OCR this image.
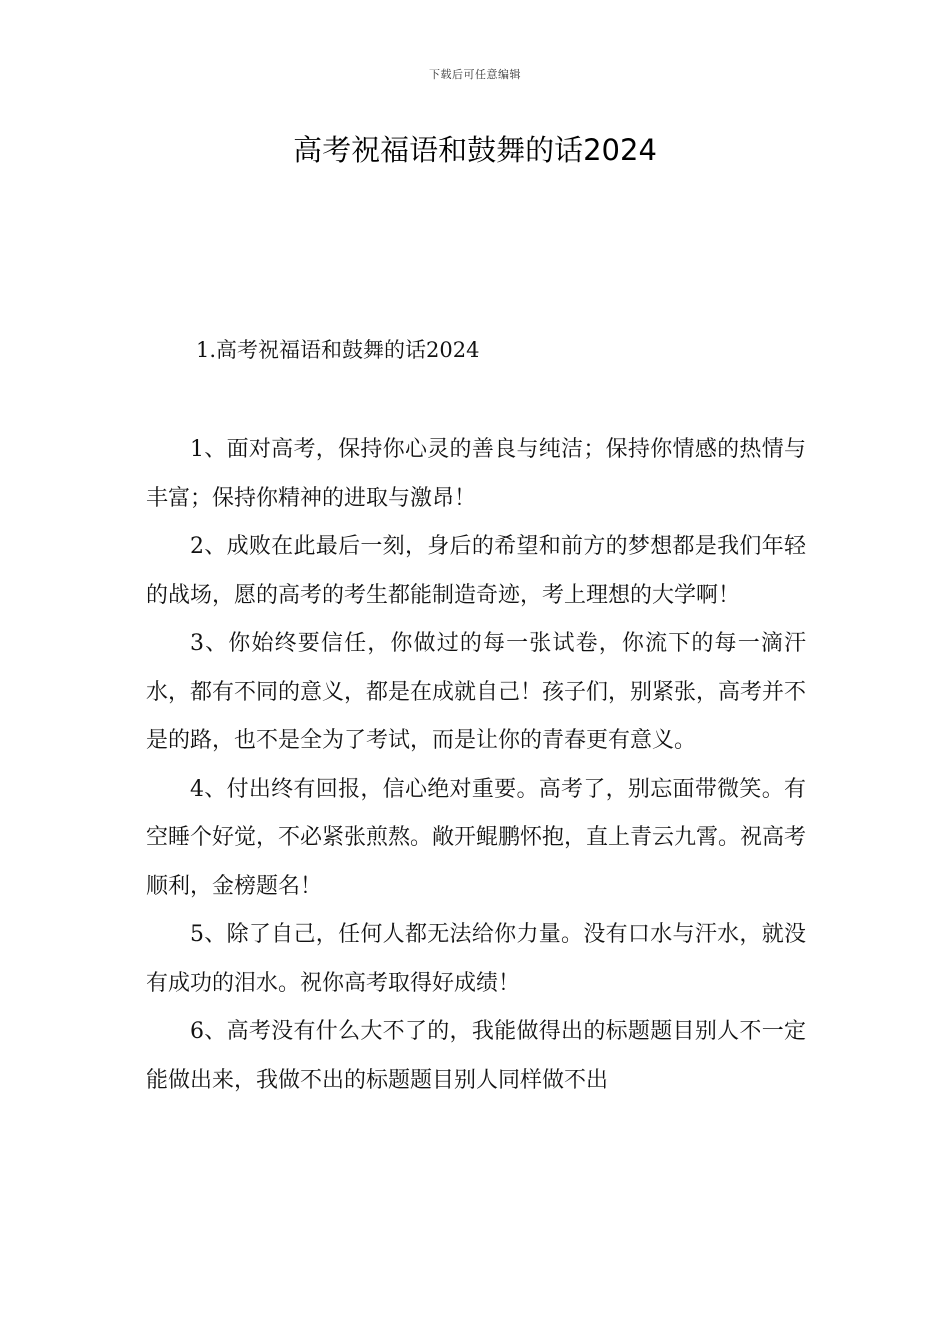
下载后可任意编辑
高考祝福语和鼓舞的话2024
1.高考祝福语和鼓舞的话2024

1、面对高考，保持你心灵的善良与纯洁；保持你情感的热情与丰富；保持你精神的进取与激昂！

2、成败在此最后一刻，身后的希望和前方的梦想都是我们年轻的战场，愿的高考的考生都能制造奇迹，考上理想的大学啊！

3、你始终要信任，你做过的每一张试卷，你流下的每一滴汗水，都有不同的意义，都是在成就自己！孩子们，别紧张，高考并不是的路，也不是全为了考试，而是让你的青春更有意义。

4、付出终有回报，信心绝对重要。高考了，别忘面带微笑。有空睡个好觉，不必紧张煎熬。敞开鲲鹏怀抱，直上青云九霄。祝高考顺利，金榜题名！

5、除了自己，任何人都无法给你力量。没有口水与汗水，就没有成功的泪水。祝你高考取得好成绩！

6、高考没有什么大不了的，我能做得出的标题题目别人不一定能做出来，我做不出的标题题目别人同样做不出
